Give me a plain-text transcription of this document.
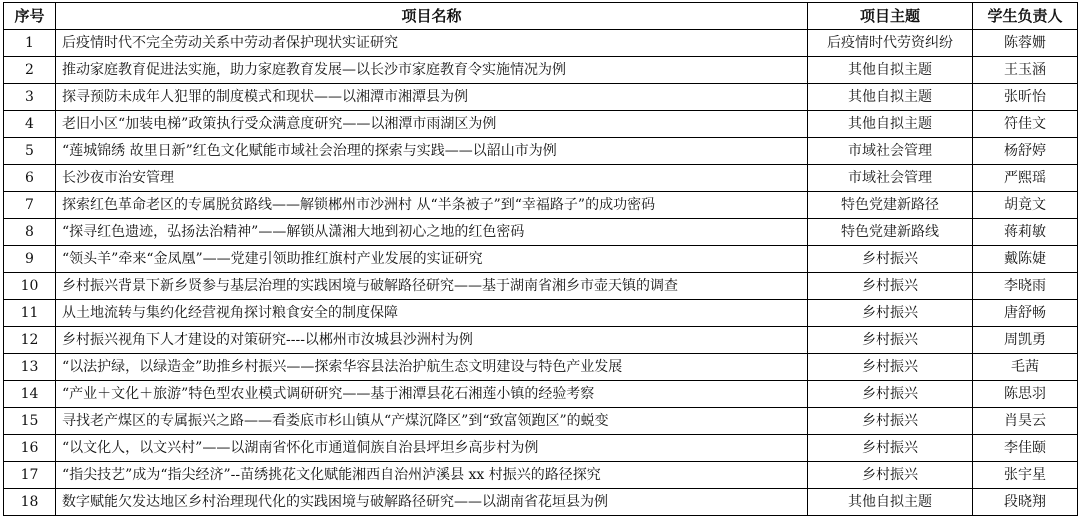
序号	项目名称	项目主题	学生负责人
1	后疫情时代不完全劳动关系中劳动者保护现状实证研究	后疫情时代劳资纠纷	陈蓉姗
2	推动家庭教育促进法实施，助力家庭教育发展—以长沙市家庭教育令实施情况为例	其他自拟主题	王玉涵
3	探寻预防未成年人犯罪的制度模式和现状——以湘潭市湘潭县为例	其他自拟主题	张昕怡
4	老旧小区“加装电梯”政策执行受众满意度研究——以湘潭市雨湖区为例	其他自拟主题	符佳文
5	“莲城锦绣 故里日新”红色文化赋能市域社会治理的探索与实践——以韶山市为例	市域社会管理	杨舒婷
6	长沙夜市治安管理	市域社会管理	严熙瑶
7	探索红色革命老区的专属脱贫路线——解锁郴州市沙洲村 从“半条被子”到“幸福路子”的成功密码	特色党建新路径	胡竟文
8	“探寻红色遗迹，弘扬法治精神”——解锁从潇湘大地到初心之地的红色密码	特色党建新路线	蒋莉敏
9	“领头羊”牵来“金凤凰”——党建引领助推红旗村产业发展的实证研究	乡村振兴	戴陈婕
10	乡村振兴背景下新乡贤参与基层治理的实践困境与破解路径研究——基于湖南省湘乡市壶天镇的调查	乡村振兴	李晓雨
11	从土地流转与集约化经营视角探讨粮食安全的制度保障	乡村振兴	唐舒畅
12	乡村振兴视角下人才建设的对策研究----以郴州市汝城县沙洲村为例	乡村振兴	周凯勇
13	“以法护绿，以绿造金”助推乡村振兴——探索华容县法治护航生态文明建设与特色产业发展	乡村振兴	毛茜
14	“产业＋文化＋旅游”特色型农业模式调研研究——基于湘潭县花石湘莲小镇的经验考察	乡村振兴	陈思羽
15	寻找老产煤区的专属振兴之路——看娄底市杉山镇从“产煤沉降区”到“致富领跑区”的蜕变	乡村振兴	肖昊云
16	“以文化人，以文兴村”——以湖南省怀化市通道侗族自治县坪坦乡高步村为例	乡村振兴	李佳颐
17	“指尖技艺”成为“指尖经济”--苗绣挑花文化赋能湘西自治州泸溪县 xx 村振兴的路径探究	乡村振兴	张宇星
18	数字赋能欠发达地区乡村治理现代化的实践困境与破解路径研究——以湖南省花垣县为例	其他自拟主题	段晓翔
